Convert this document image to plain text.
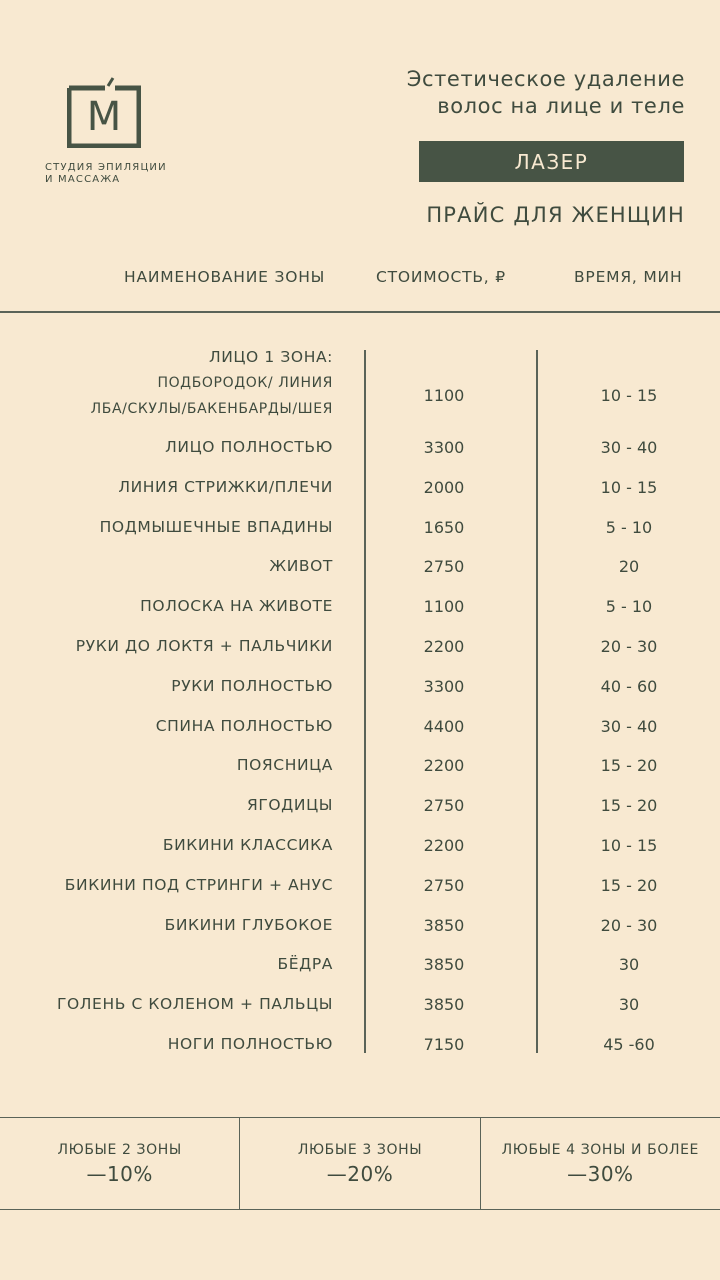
M
СТУДИЯ ЭПИЛЯЦИИ
И МАССАЖА
Эстетическое удаление
волос на лице и теле
ЛАЗЕР
ПРАЙС ДЛЯ ЖЕНЩИН
НАИМЕНОВАНИЕ ЗОНЫ	СТОИМОСТЬ, ₽	ВРЕМЯ, МИН
ЛИЦО 1 ЗОНА:
ПОДБОРОДОК/ ЛИНИЯ
ЛБА/СКУЛЫ/БАКЕНБАРДЫ/ШЕЯ
1100	10 - 15
ЛИЦО ПОЛНОСТЬЮ	3300	30 - 40
ЛИНИЯ СТРИЖКИ/ПЛЕЧИ	2000	10 - 15
ПОДМЫШЕЧНЫЕ ВПАДИНЫ	1650	5 - 10
ЖИВОТ	2750	20
ПОЛОСКА НА ЖИВОТЕ	1100	5 - 10
РУКИ ДО ЛОКТЯ + ПАЛЬЧИКИ	2200	20 - 30
РУКИ ПОЛНОСТЬЮ	3300	40 - 60
СПИНА ПОЛНОСТЬЮ	4400	30 - 40
ПОЯСНИЦА	2200	15 - 20
ЯГОДИЦЫ	2750	15 - 20
БИКИНИ КЛАССИКА	2200	10 - 15
БИКИНИ ПОД СТРИНГИ + АНУС	2750	15 - 20
БИКИНИ ГЛУБОКОЕ	3850	20 - 30
БЁДРА	3850	30
ГОЛЕНЬ С КОЛЕНОМ + ПАЛЬЦЫ	3850	30
НОГИ ПОЛНОСТЬЮ	7150	45 -60
ЛЮБЫЕ 2 ЗОНЫ
—10%
ЛЮБЫЕ 3 ЗОНЫ
—20%
ЛЮБЫЕ 4 ЗОНЫ И БОЛЕЕ
—30%
